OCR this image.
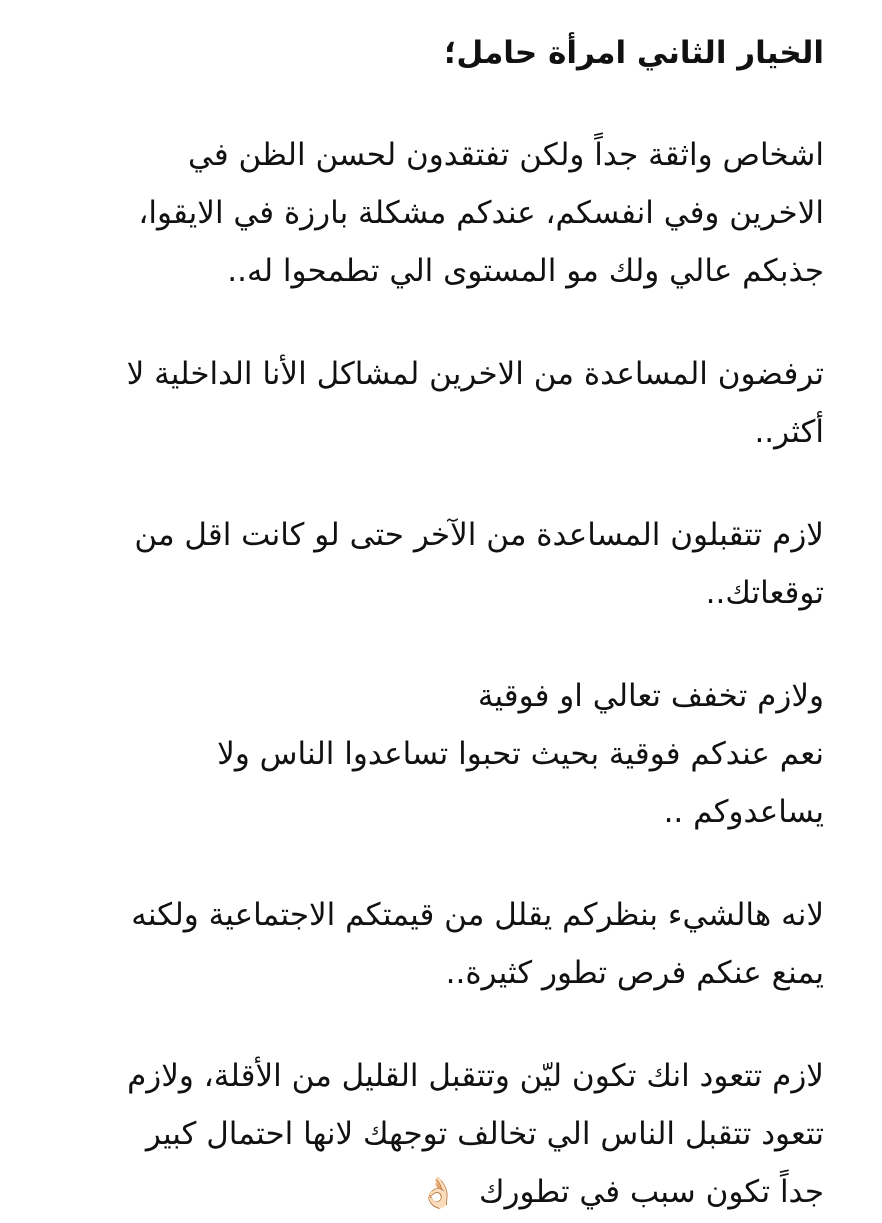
الخيار الثاني امرأة حامل؛
اشخاص واثقة جداً ولكن تفتقدون لحسن الظن في
الاخرين وفي انفسكم، عندكم مشكلة بارزة في الايقوا،
جذبكم عالي ولك مو المستوى الي تطمحوا له..
ترفضون المساعدة من الاخرين لمشاكل الأنا الداخلية لا
أكثر..
لازم تتقبلون المساعدة من الآخر حتى لو كانت اقل من
توقعاتك..
ولازم تخفف تعالي او فوقية
نعم عندكم فوقية بحيث تحبوا تساعدوا الناس ولا
يساعدوكم ..
لانه هالشيء بنظركم يقلل من قيمتكم الاجتماعية ولكنه
يمنع عنكم فرص تطور كثيرة..
لازم تتعود انك تكون ليّن وتتقبل القليل من الأقلة، ولازم
تتعود تتقبل الناس الي تخالف توجهك لانها احتمال كبير
جداً تكون سبب في تطورك 👌🏻
